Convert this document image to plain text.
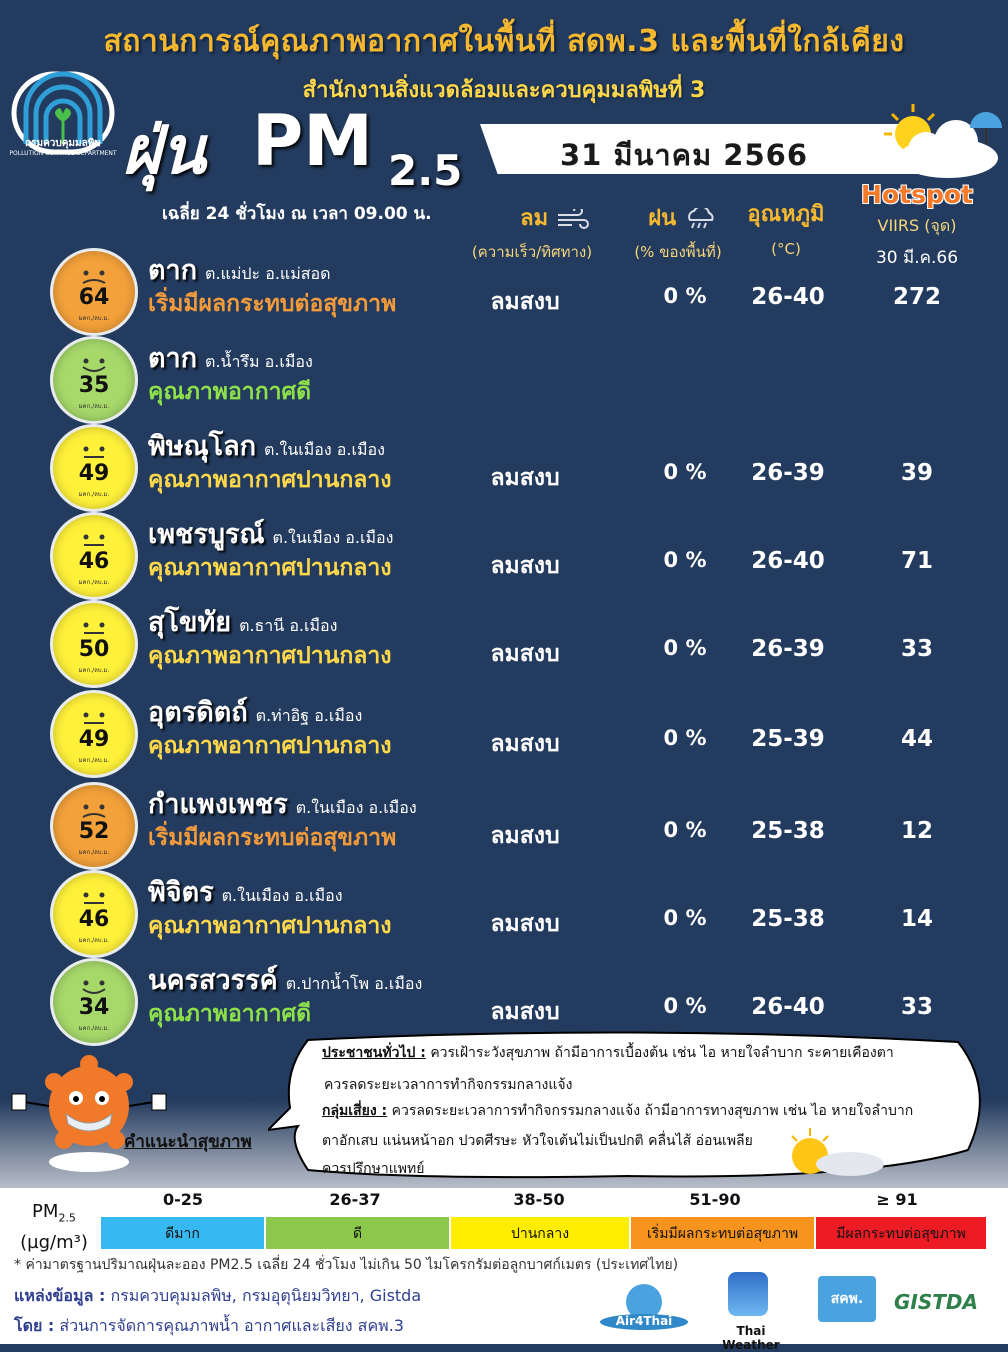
สถานการณ์คุณภาพอากาศในพื้นที่ สดพ.3 และพื้นที่ใกล้เคียง
สำนักงานสิ่งแวดล้อมและควบคุมมลพิษที่ 3
กรมควบคุมมลพิษ
POLLUTION CONTROL DEPARTMENT ฝุ่น PM 2.5
เฉลี่ย 24 ชั่วโมง ณ เวลา 09.00 น.
31 มีนาคม 2566
ลม
(ความเร็ว/ทิศทาง)
ฝน
(% ของพื้นที่)
อุณหภูมิ
(°C)
Hotspot
VIIRS (จุด)
30 มี.ค.66
64
มคก./ลบ.ม.
ตาก ต.แม่ปะ อ.แม่สอด
เริ่มมีผลกระทบต่อสุขภาพ	ลมสงบ	0 %	26-40	272
35
มคก./ลบ.ม.
ตาก ต.น้ำรึม อ.เมือง
คุณภาพอากาศดี
49
มคก./ลบ.ม.
พิษณุโลก ต.ในเมือง อ.เมือง
คุณภาพอากาศปานกลาง	ลมสงบ	0 %	26-39	39
46
มคก./ลบ.ม.
เพชรบูรณ์ ต.ในเมือง อ.เมือง
คุณภาพอากาศปานกลาง	ลมสงบ	0 %	26-40	71
50
มคก./ลบ.ม.
สุโขทัย ต.ธานี อ.เมือง
คุณภาพอากาศปานกลาง	ลมสงบ	0 %	26-39	33
49
มคก./ลบ.ม.
อุตรดิตถ์ ต.ท่าอิฐ อ.เมือง
คุณภาพอากาศปานกลาง	ลมสงบ	0 %	25-39	44
52
มคก./ลบ.ม.
กำแพงเพชร ต.ในเมือง อ.เมือง
เริ่มมีผลกระทบต่อสุขภาพ	ลมสงบ	0 %	25-38	12
46
มคก./ลบ.ม.
พิจิตร ต.ในเมือง อ.เมือง
คุณภาพอากาศปานกลาง	ลมสงบ	0 %	25-38	14
34
มคก./ลบ.ม.
นครสวรรค์ ต.ปากน้ำโพ อ.เมือง
คุณภาพอากาศดี	ลมสงบ	0 %	26-40	33
คำแนะนำสุขภาพ
ประชาชนทั่วไป : ควรเฝ้าระวังสุขภาพ ถ้ามีอาการเบื้องต้น เช่น ไอ หายใจลำบาก ระคายเคืองตา
ควรลดระยะเวลาการทำกิจกรรมกลางแจ้ง
กลุ่มเสี่ยง : ควรลดระยะเวลาการทำกิจกรรมกลางแจ้ง ถ้ามีอาการทางสุขภาพ เช่น ไอ หายใจลำบาก
ตาอักเสบ แน่นหน้าอก ปวดศีรษะ หัวใจเต้นไม่เป็นปกติ คลื่นไส้ อ่อนเพลีย
ควรปรึกษาแพทย์
$PM_{2.5}$
(µg/m³)
0-25	26-37	38-50	51-90	≥ 91
ดีมาก	ดี	ปานกลาง	เริ่มมีผลกระทบต่อสุขภาพ	มีผลกระทบต่อสุขภาพ
* ค่ามาตรฐานปริมาณฝุ่นละออง PM2.5 เฉลี่ย 24 ชั่วโมง ไม่เกิน 50 ไมโครกรัมต่อลูกบาศก์เมตร (ประเทศไทย)
แหล่งข้อมูล : กรมควบคุมมลพิษ, กรมอุตุนิยมวิทยา, Gistda
โดย : ส่วนการจัดการคุณภาพน้ำ อากาศและเสียง สคพ.3	Air4Thai
Thai Weather
สคพ.	GISTDA
